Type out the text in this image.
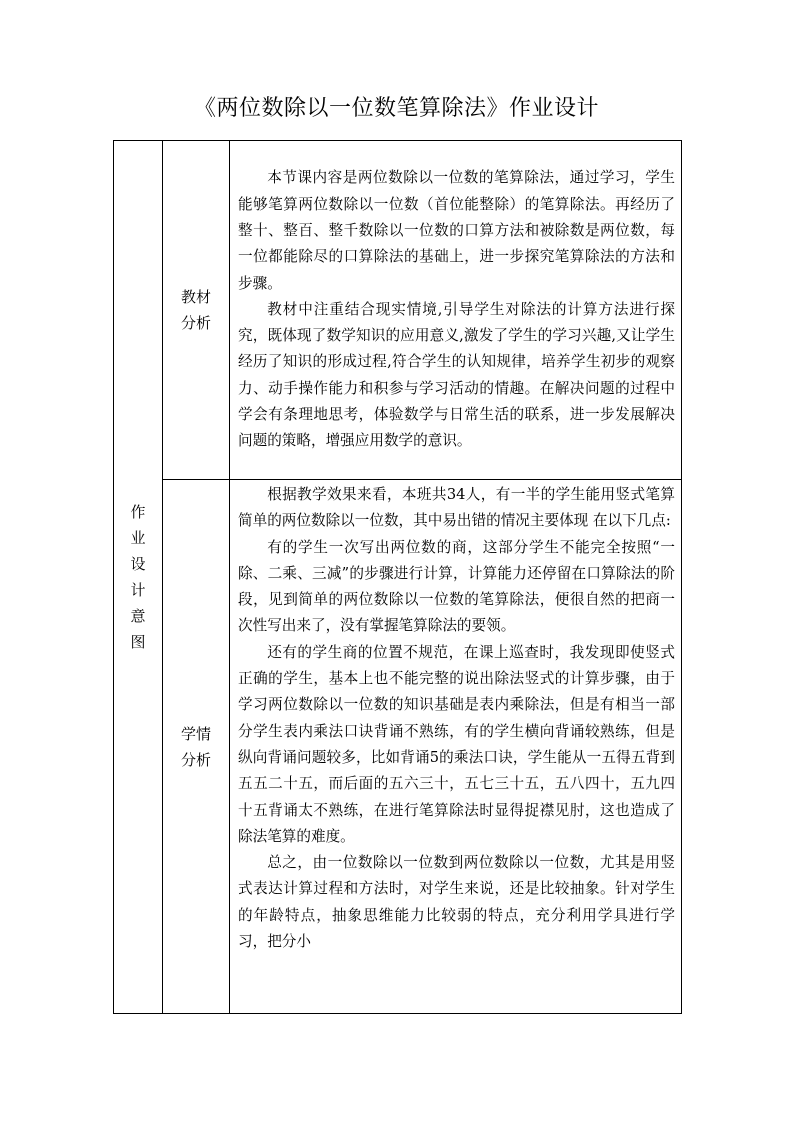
《两位数除以一位数笔算除法》作业设计
作业设计意图	教材分析	本节课内容是两位数除以一位数的笔算除法，通过学习，学生能够笔算两位数除以一位数（首位能整除）的笔算除法。再经历了整十、整百、整千数除以一位数的口算方法和被除数是两位数，每一位都能除尽的口算除法的基础上，进一步探究笔算除法的方法和步骤。

教材中注重结合现实情境,引导学生对除法的计算方法进行探究，既体现了数学知识的应用意义,激发了学生的学习兴趣,又让学生经历了知识的形成过程,符合学生的认知规律，培养学生初步的观察力、动手操作能力和积参与学习活动的情趣。在解决问题的过程中学会有条理地思考，体验数学与日常生活的联系，进一步发展解决问题的策略，增强应用数学的意识。

	学情分析	根据教学效果来看，本班共34人，有一半的学生能用竖式笔算简单的两位数除以一位数，其中易出错的情况主要体现 在以下几点:

有的学生一次写出两位数的商，这部分学生不能完全按照“一除、二乘、三减”的步骤进行计算，计算能力还停留在口算除法的阶段，见到简单的两位数除以一位数的笔算除法，便很自然的把商一次性写出来了，没有掌握笔算除法的要领。

还有的学生商的位置不规范，在课上巡查时，我发现即使竖式正确的学生，基本上也不能完整的说出除法竖式的计算步骤，由于学习两位数除以一位数的知识基础是表内乘除法，但是有相当一部分学生表内乘法口诀背诵不熟练，有的学生横向背诵较熟练，但是纵向背诵问题较多，比如背诵5的乘法口诀，学生能从一五得五背到五五二十五，而后面的五六三十，五七三十五，五八四十，五九四十五背诵太不熟练，在进行笔算除法时显得捉襟见肘，这也造成了除法笔算的难度。

总之，由一位数除以一位数到两位数除以一位数，尤其是用竖式表达计算过程和方法时，对学生来说，还是比较抽象。针对学生的年龄特点，抽象思维能力比较弱的特点，充分利用学具进行学习，把分小
